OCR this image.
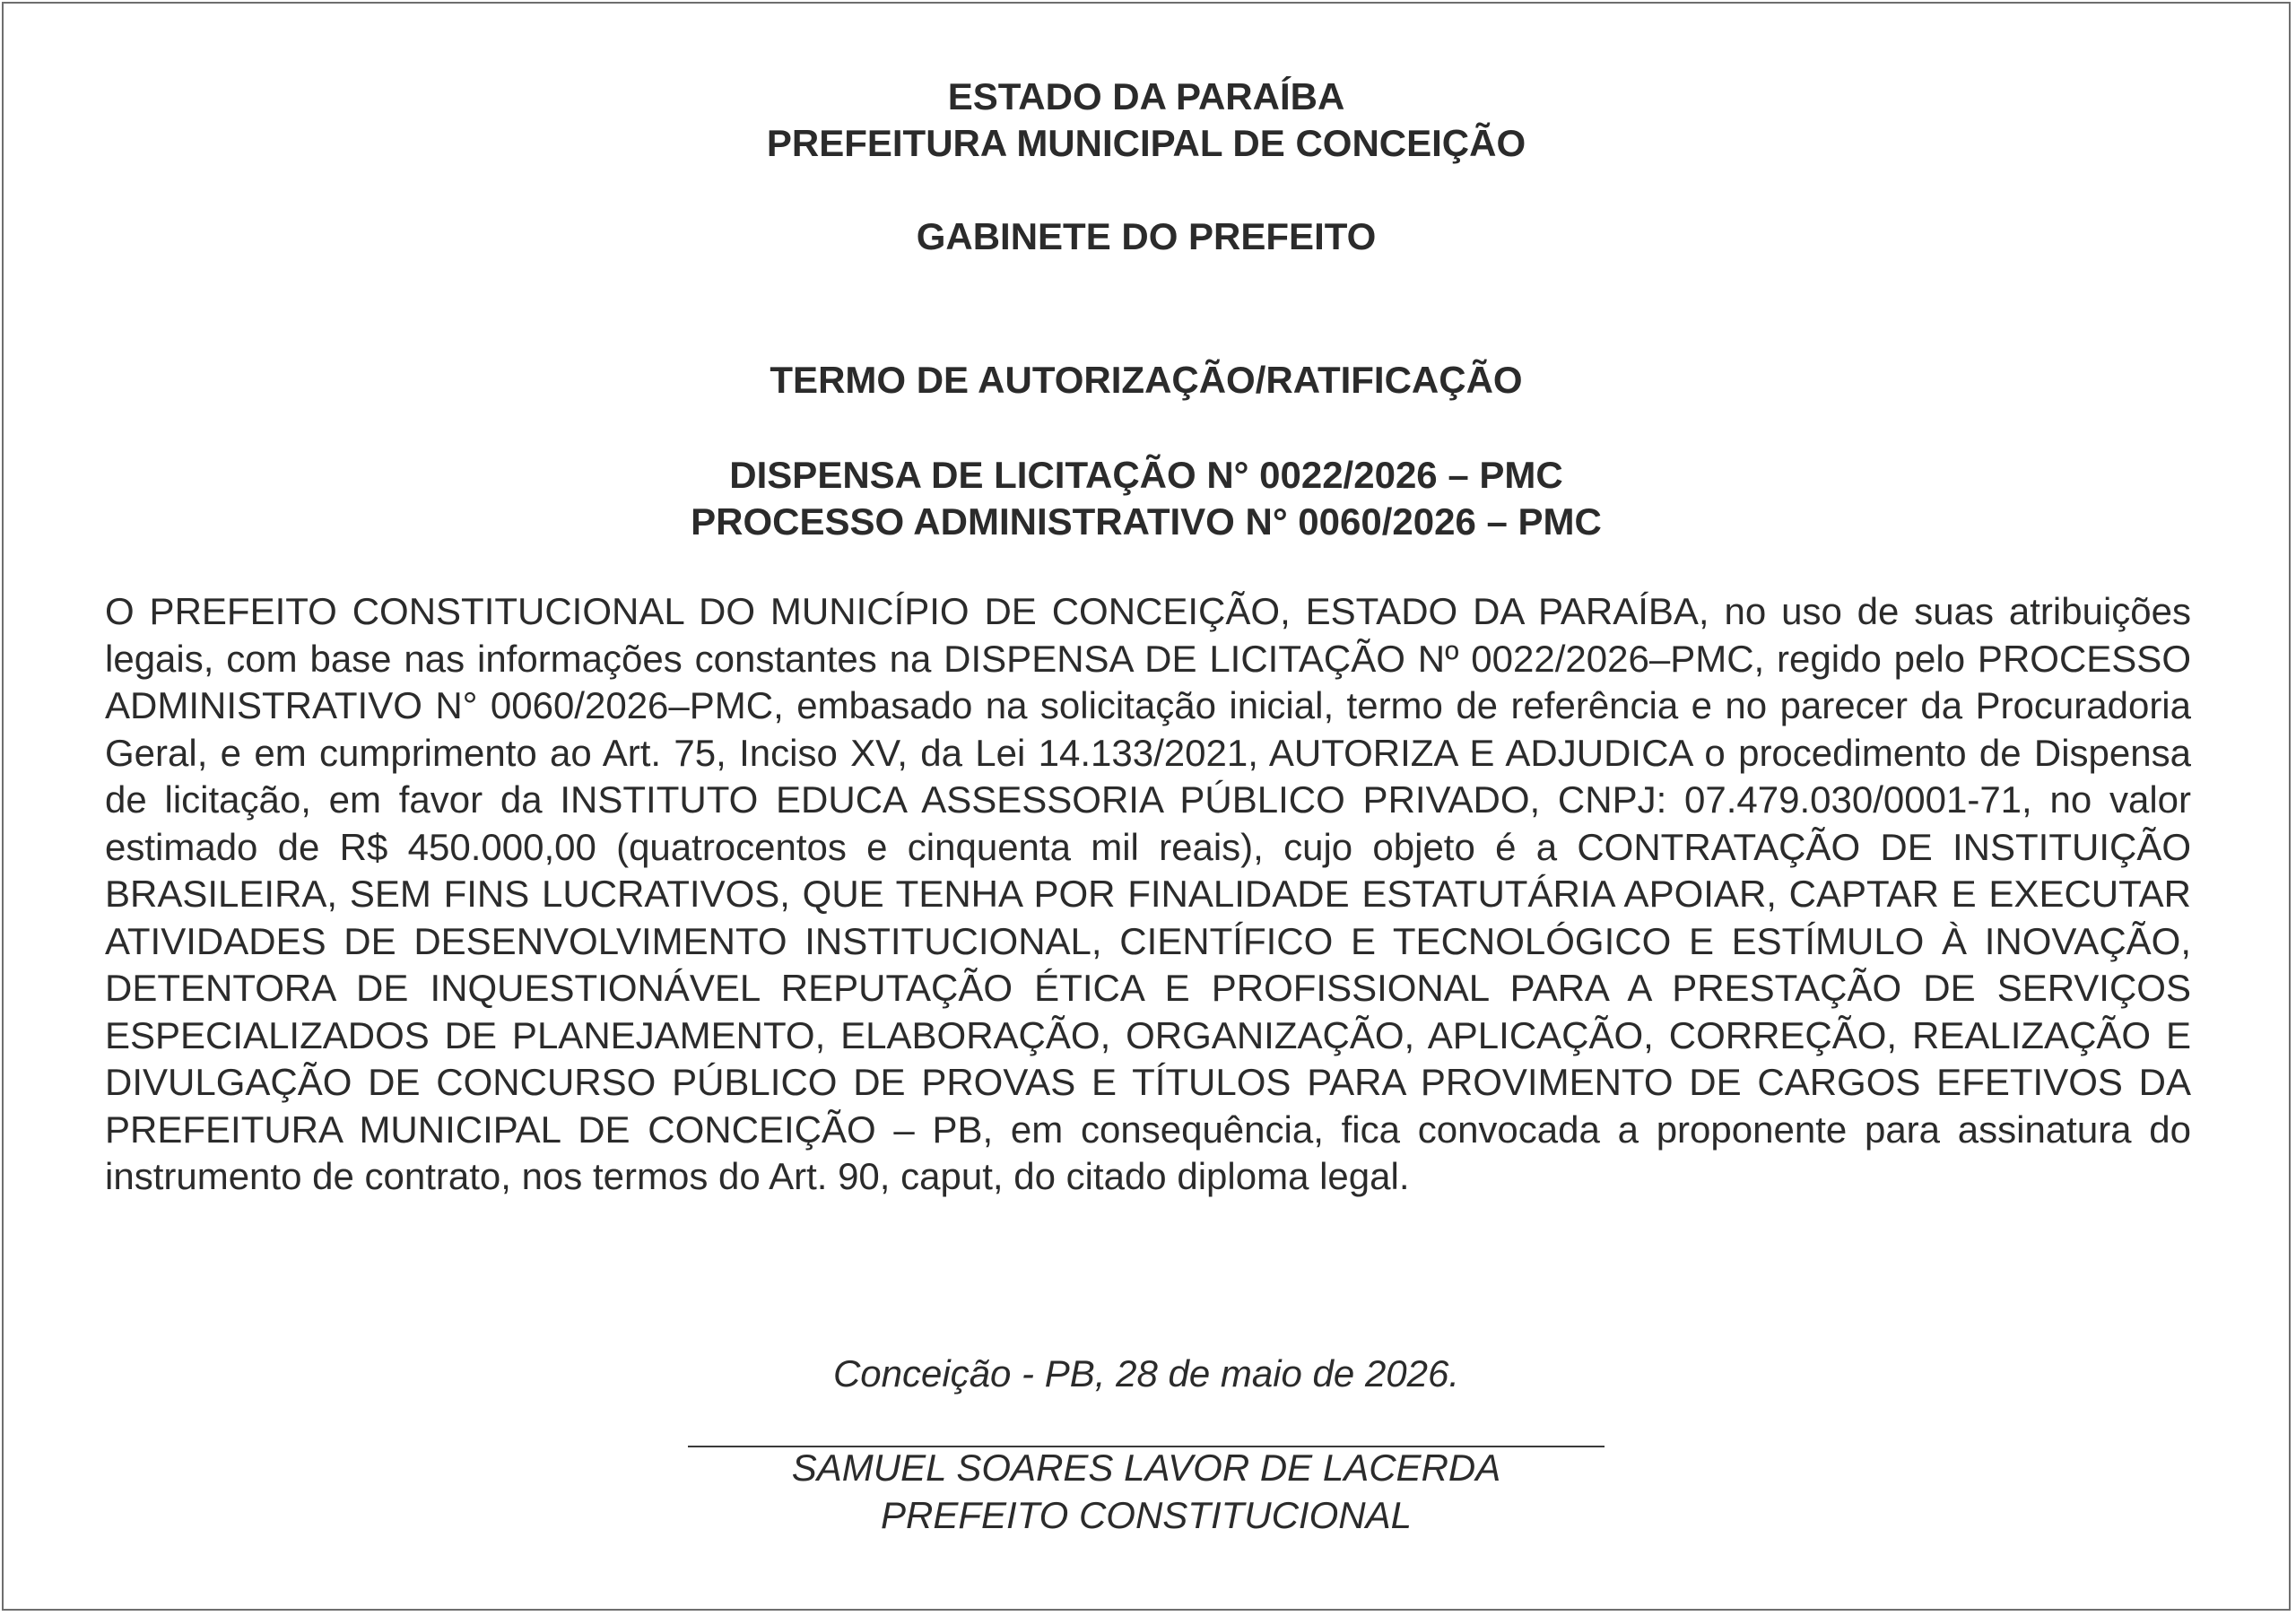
ESTADO DA PARAÍBA

PREFEITURA MUNICIPAL DE CONCEIÇÃO

GABINETE DO PREFEITO

TERMO DE AUTORIZAÇÃO/RATIFICAÇÃO

DISPENSA DE LICITAÇÃO N° 0022/2026 – PMC

PROCESSO ADMINISTRATIVO N° 0060/2026 – PMC

O PREFEITO CONSTITUCIONAL DO MUNICÍPIO DE CONCEIÇÃO, ESTADO DA PARAÍBA, no uso de suas atribuições legais, com base nas informações constantes na DISPENSA DE LICITAÇÃO Nº 0022/2026–PMC, regido pelo PROCESSO ADMINISTRATIVO N° 0060/2026–PMC, embasado na solicitação inicial, termo de referência e no parecer da Procuradoria Geral, e em cumprimento ao Art. 75, Inciso XV, da Lei 14.133/2021, AUTORIZA E ADJUDICA o procedimento de Dispensa de licitação, em favor da INSTITUTO EDUCA ASSESSORIA PÚBLICO PRIVADO, CNPJ: 07.479.030/0001-71, no valor estimado de R$ 450.000,00 (quatrocentos e cinquenta mil reais), cujo objeto é a CONTRATAÇÃO DE INSTITUIÇÃO BRASILEIRA, SEM FINS LUCRATIVOS, QUE TENHA POR FINALIDADE ESTATUTÁRIA APOIAR, CAPTAR E EXECUTAR ATIVIDADES DE DESENVOLVIMENTO INSTITUCIONAL, CIENTÍFICO E TECNOLÓGICO E ESTÍMULO À INOVAÇÃO, DETENTORA DE INQUESTIONÁVEL REPUTAÇÃO ÉTICA E PROFISSIONAL PARA A PRESTAÇÃO DE SERVIÇOS ESPECIALIZADOS DE PLANEJAMENTO, ELABORAÇÃO, ORGANIZAÇÃO, APLICAÇÃO, CORREÇÃO, REALIZAÇÃO E DIVULGAÇÃO DE CONCURSO PÚBLICO DE PROVAS E TÍTULOS PARA PROVIMENTO DE CARGOS EFETIVOS DA PREFEITURA MUNICIPAL DE CONCEIÇÃO – PB, em consequência, fica convocada a proponente para assinatura do instrumento de contrato, nos termos do Art. 90, caput, do citado diploma legal.

Conceição - PB, 28 de maio de 2026.

SAMUEL SOARES LAVOR DE LACERDA

PREFEITO CONSTITUCIONAL
